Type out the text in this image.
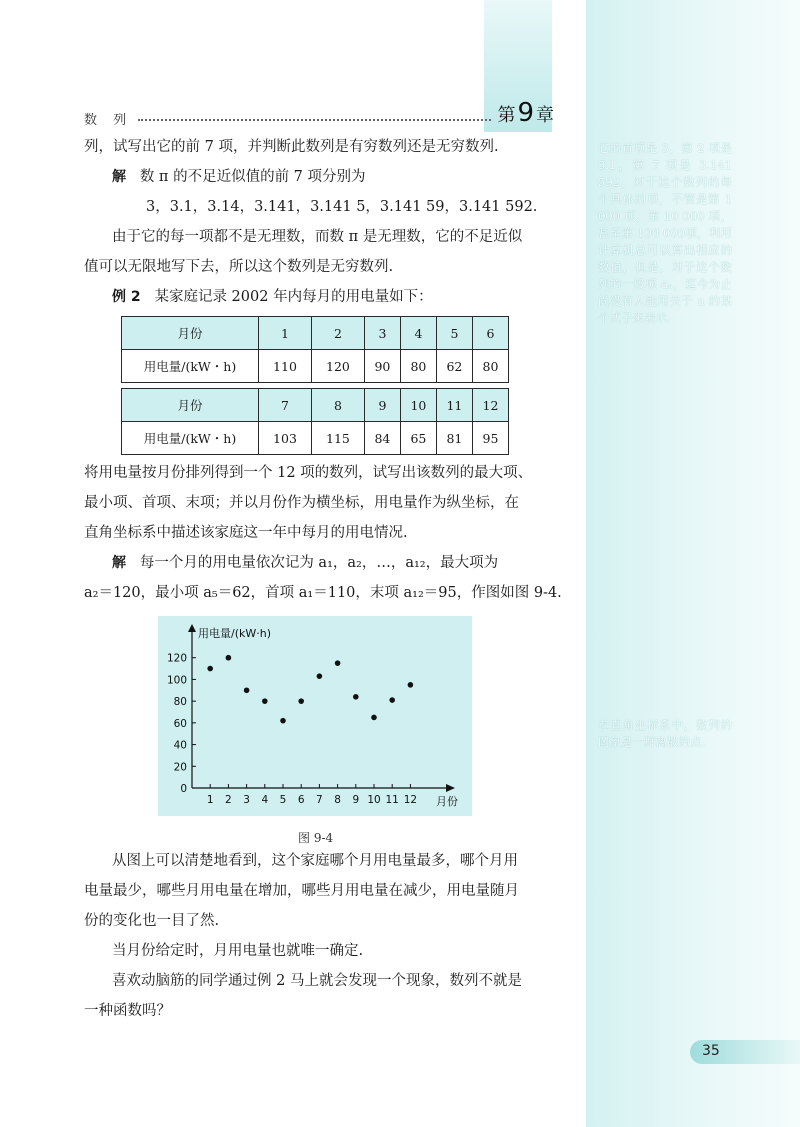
数 列	第9 章
列，试写出它的前 7 项，并判断此数列是有穷数列还是无穷数列.
解 数 π 的不足近似值的前 7 项分别为
3，3.1，3.14，3.141，3.141 5，3.141 59，3.141 592.
由于它的每一项都不是无理数，而数 π 是无理数，它的不足近似
值可以无限地写下去，所以这个数列是无穷数列.
例 2 某家庭记录 2002 年内每月的用电量如下：
月份	1	2	3	4	5	6
用电量/(kW・h)	110	120	90	80	62	80

月份	7	8	9	10	11	12
用电量/(kW・h)	103	115	84	65	81	95
将用电量按月份排列得到一个 12 项的数列，试写出该数列的最大项、
最小项、首项、末项；并以月份作为横坐标，用电量作为纵坐标，在
直角坐标系中描述该家庭这一年中每月的用电情况.
解 每一个月的用电量依次记为 a₁，a₂，…，a₁₂，最大项为
a₂＝120，最小项 a₅＝62，首项 a₁＝110，末项 a₁₂＝95，作图如图 9-4.
0
20
40
60
80
100
120
1 2 3 4 5 6 7 8 9 10 11 12
用电量/(kW·h)
月份
图 9-4
从图上可以清楚地看到，这个家庭哪个月用电量最多，哪个月用
电量最少，哪些月用电量在增加，哪些月用电量在减少，用电量随月
份的变化也一目了然.
当月份给定时，月用电量也就唯一确定.
喜欢动脑筋的同学通过例 2 马上就会发现一个现象，数列不就是
一种函数吗？
它的首项是 3，第 2 项是 3.1，第 7 项是 3.141 592，对于这个数列的每个具体的项，不管是第 1 000 项，第 10 000 项，甚至第 100 000项，利用计算机总可以算出相应的数值，但是，对于这个数列的一般项 aₙ，迄今为止尚没有人能用关于 n 的某个式子来表示.
在直角坐标系中，数列的图象是一群离散的点.
35
